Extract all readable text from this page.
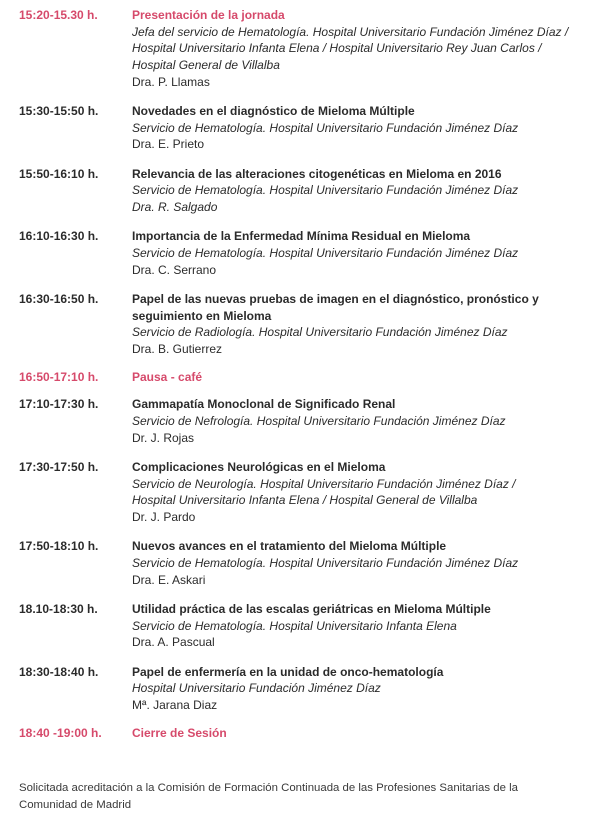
15:20-15.30 h.	Presentación de la jornada
Jefa del servicio de Hematología. Hospital Universitario Fundación Jiménez Díaz /
Hospital Universitario Infanta Elena / Hospital Universitario Rey Juan Carlos /
Hospital General de Villalba
Dra. P. Llamas
15:30-15:50 h.	Novedades en el diagnóstico de Mieloma Múltiple
Servicio de Hematología. Hospital Universitario Fundación Jiménez Díaz
Dra. E. Prieto
15:50-16:10 h.	Relevancia de las alteraciones citogenéticas en Mieloma en 2016
Servicio de Hematología. Hospital Universitario Fundación Jiménez Díaz
Dra. R. Salgado
16:10-16:30 h.	Importancia de la Enfermedad Mínima Residual en Mieloma
Servicio de Hematología. Hospital Universitario Fundación Jiménez Díaz
Dra. C. Serrano
16:30-16:50 h.	Papel de las nuevas pruebas de imagen en el diagnóstico, pronóstico y
seguimiento en Mieloma
Servicio de Radiología. Hospital Universitario Fundación Jiménez Díaz
Dra. B. Gutierrez
16:50-17:10 h.	Pausa - café
17:10-17:30 h.	Gammapatía Monoclonal de Significado Renal
Servicio de Nefrología. Hospital Universitario Fundación Jiménez Díaz
Dr. J. Rojas
17:30-17:50 h.	Complicaciones Neurológicas en el Mieloma
Servicio de Neurología. Hospital Universitario Fundación Jiménez Díaz /
Hospital Universitario Infanta Elena / Hospital General de Villalba
Dr. J. Pardo
17:50-18:10 h.	Nuevos avances en el tratamiento del Mieloma Múltiple
Servicio de Hematología. Hospital Universitario Fundación Jiménez Díaz
Dra. E. Askari
18.10-18:30 h.	Utilidad práctica de las escalas geriátricas en Mieloma Múltiple
Servicio de Hematología. Hospital Universitario Infanta Elena
Dra. A. Pascual
18:30-18:40 h.	Papel de enfermería en la unidad de onco-hematología
Hospital Universitario Fundación Jiménez Díaz
Mª. Jarana Diaz
18:40 -19:00 h.	Cierre de Sesión
Solicitada acreditación a la Comisión de Formación Continuada de las Profesiones Sanitarias de la Comunidad de Madrid
